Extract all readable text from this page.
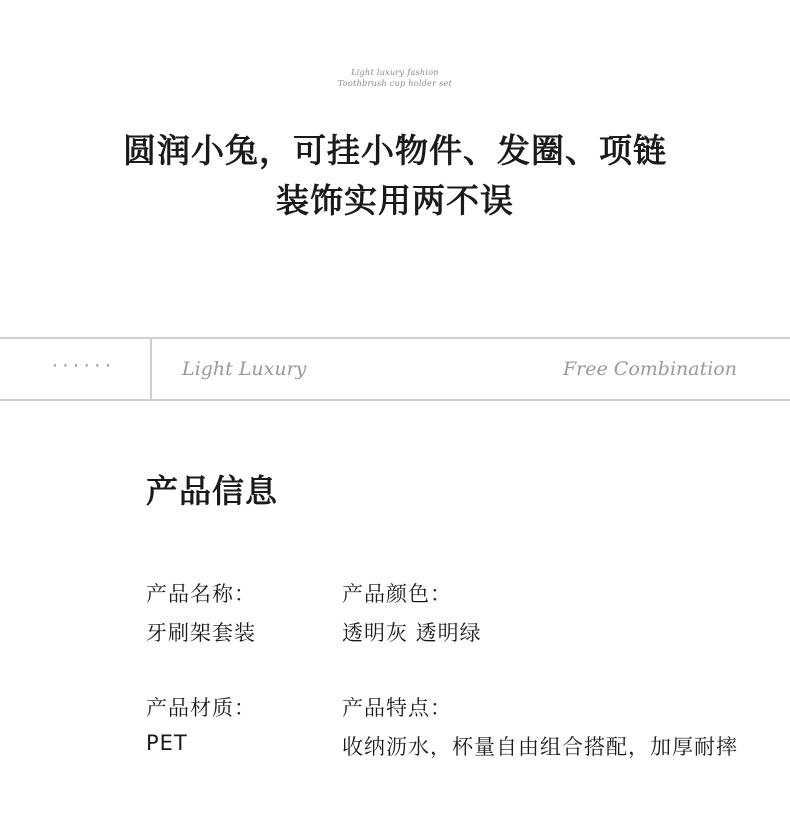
Light luxury fashion
Toothbrush cup holder set
圆润小兔，可挂小物件、发圈、项链
装饰实用两不误
······	Light Luxury	Free Combination
产品信息
产品名称：
牙刷架套装
产品颜色：
透明灰 透明绿
产品材质：
PET
产品特点：
收纳沥水，杯量自由组合搭配，加厚耐摔
